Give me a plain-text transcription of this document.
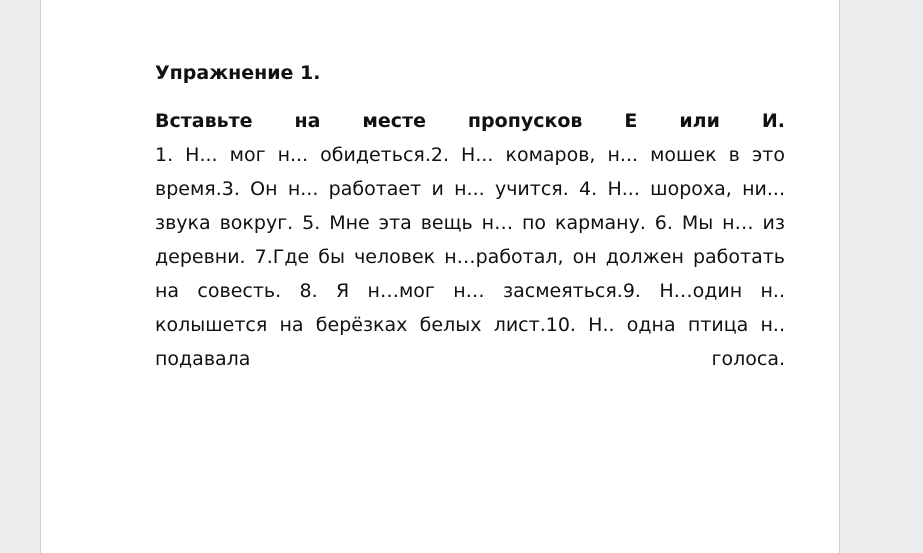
Упражнение 1.

Вставьте на месте пропусков Е или И.

1. Н... мог н... обидеться.2. Н... комаров, н... мошек в это время.3. Он н... работает и н... учится. 4. Н... шороха, ни... звука вокруг. 5. Мне эта вещь н… по карману. 6. Мы н… из деревни. 7.Где бы человек н…работал, он должен работать на совесть. 8. Я н…мог н… засмеяться.9. Н…один н.. колышется на берёзках белых лист.10. Н.. одна птица н.. подавала голоса.
